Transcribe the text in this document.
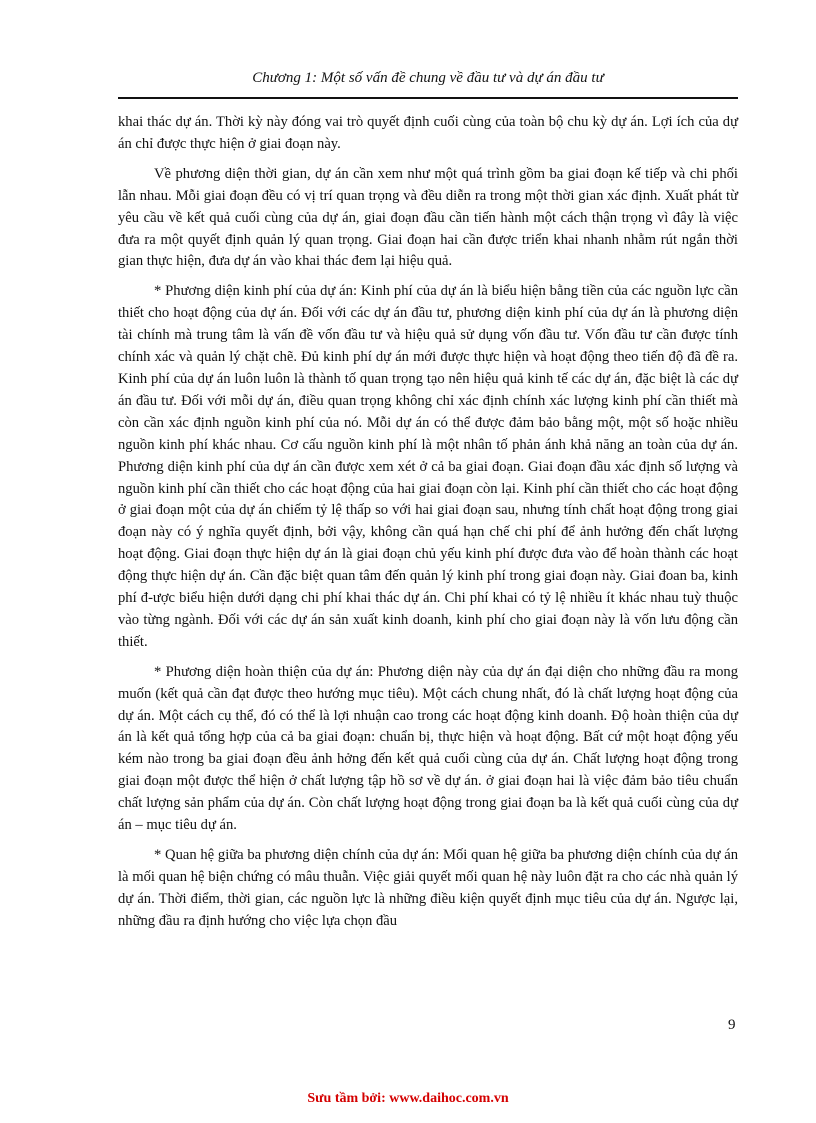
Chương 1: Một số vấn đề chung về đầu tư và dự án đầu tư

khai thác dự án. Thời kỳ này đóng vai trò quyết định cuối cùng của toàn bộ chu kỳ dự án. Lợi ích của dự án chỉ được thực hiện ở giai đoạn này.

Về phương diện thời gian, dự án cần xem như một quá trình gồm ba giai đoạn kế tiếp và chi phối lẫn nhau. Mỗi giai đoạn đều có vị trí quan trọng và đều diễn ra trong một thời gian xác định. Xuất phát từ yêu cầu về kết quả cuối cùng của dự án, giai đoạn đầu cần tiến hành một cách thận trọng vì đây là việc đưa ra một quyết định quản lý quan trọng. Giai đoạn hai cần được triển khai nhanh nhằm rút ngắn thời gian thực hiện, đưa dự án vào khai thác đem lại hiệu quả.

* Phương diện kinh phí của dự án: Kinh phí của dự án là biểu hiện bằng tiền của các nguồn lực cần thiết cho hoạt động của dự án. Đối với các dự án đầu tư, phương diện kinh phí của dự án là phương diện tài chính mà trung tâm là vấn đề vốn đầu tư và hiệu quả sử dụng vốn đầu tư. Vốn đầu tư cần được tính chính xác và quản lý chặt chẽ. Đủ kinh phí dự án mới được thực hiện và hoạt động theo tiến độ đã đề ra. Kinh phí của dự án luôn luôn là thành tố quan trọng tạo nên hiệu quả kinh tế các dự án, đặc biệt là các dự án đầu tư. Đối với mỗi dự án, điều quan trọng không chỉ xác định chính xác lượng kinh phí cần thiết mà còn cần xác định nguồn kinh phí của nó. Mỗi dự án có thể được đảm bảo bằng một, một số hoặc nhiều nguồn kinh phí khác nhau. Cơ cấu nguồn kinh phí là một nhân tố phản ánh khả năng an toàn của dự án. Phương diện kinh phí của dự án cần được xem xét ở cả ba giai đoạn. Giai đoạn đầu xác định số lượng và nguồn kinh phí cần thiết cho các hoạt động của hai giai đoạn còn lại. Kinh phí cần thiết cho các hoạt động ở giai đoạn một của dự án chiếm tỷ lệ thấp so với hai giai đoạn sau, nhưng tính chất hoạt động trong giai đoạn này có ý nghĩa quyết định, bởi vậy, không cần quá hạn chế chi phí để ảnh hưởng đến chất lượng hoạt động. Giai đoạn thực hiện dự án là giai đoạn chủ yếu kinh phí được đưa vào để hoàn thành các hoạt động thực hiện dự án. Cần đặc biệt quan tâm đến quản lý kinh phí trong giai đoạn này. Giai đoan ba, kinh phí đ-ược biểu hiện dưới dạng chi phí khai thác dự án. Chi phí khai có tỷ lệ nhiều ít khác nhau tuỳ thuộc vào từng ngành. Đối với các dự án sản xuất kinh doanh, kinh phí cho giai đoạn này là vốn lưu động cần thiết.

* Phương diện hoàn thiện của dự án: Phương diện này của dự án đại diện cho những đầu ra mong muốn (kết quả cần đạt được theo hướng mục tiêu). Một cách chung nhất, đó là chất lượng hoạt động của dự án. Một cách cụ thể, đó có thể là lợi nhuận cao trong các hoạt động kinh doanh. Độ hoàn thiện của dự án là kết quả tổng hợp của cả ba giai đoạn: chuẩn bị, thực hiện và hoạt động. Bất cứ một hoạt động yếu kém nào trong ba giai đoạn đều ảnh hởng đến kết quả cuối cùng của dự án. Chất lượng hoạt động trong giai đoạn một được thể hiện ở chất lượng tập hồ sơ về dự án. ở giai đoạn hai là việc đảm bảo tiêu chuẩn chất lượng sản phẩm của dự án. Còn chất lượng hoạt động trong giai đoạn ba là kết quả cuối cùng của dự án – mục tiêu dự án.

* Quan hệ giữa ba phương diện chính của dự án: Mối quan hệ giữa ba phương diện chính của dự án là mối quan hệ biện chứng có mâu thuẫn. Việc giải quyết mối quan hệ này luôn đặt ra cho các nhà quản lý dự án. Thời điểm, thời gian, các nguồn lực là những điều kiện quyết định mục tiêu của dự án. Ngược lại, những đầu ra định hướng cho việc lựa chọn đầu

9
Sưu tầm bởi: www.daihoc.com.vn
